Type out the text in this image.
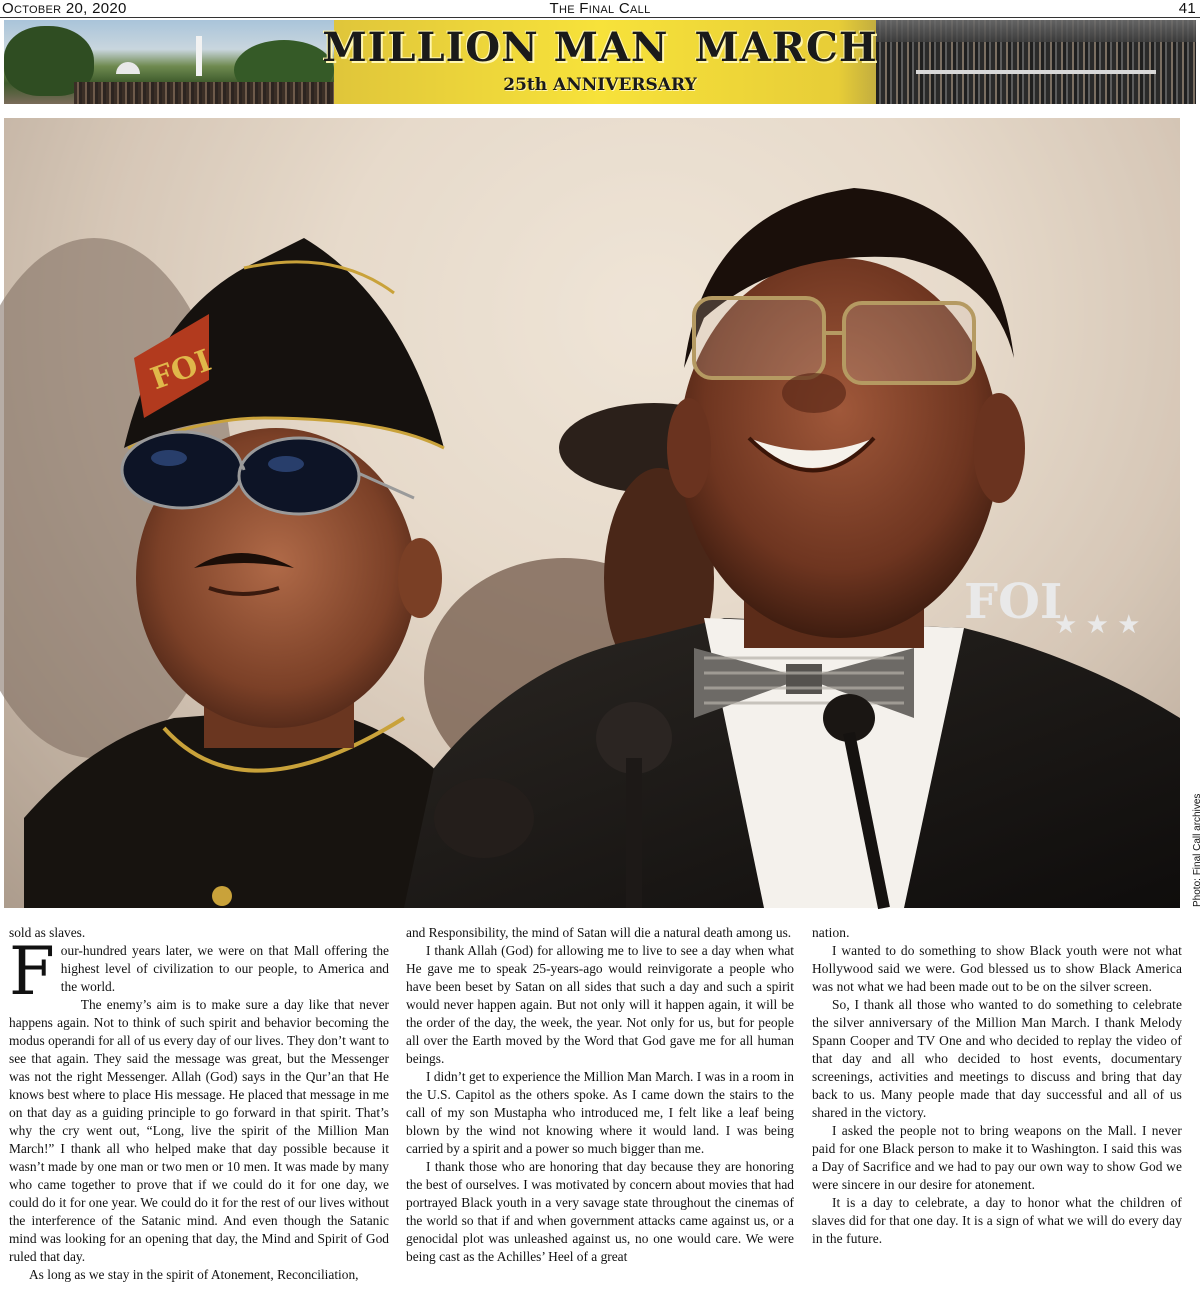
October 20, 2020	The Final Call	41
MILLION MAN MARCH
25th ANNIVERSARY
FOI
FOI
★ ★ ★
Photo: Final Call archives

sold as slaves.

Four-hundred years later, we were on that Mall offering the highest level of civilization to our people, to America and the world.

The enemy’s aim is to make sure a day like that never happens again. Not to think of such spirit and behavior becoming the modus operandi for all of us every day of our lives. They don’t want to see that again. They said the message was great, but the Messenger was not the right Messenger. Allah (God) says in the Qur’an that He knows best where to place His message. He placed that message in me on that day as a guiding principle to go forward in that spirit. That’s why the cry went out, “Long, live the spirit of the Million Man March!” I thank all who helped make that day possible because it wasn’t made by one man or two men or 10 men. It was made by many who came together to prove that if we could do it for one day, we could do it for one year. We could do it for the rest of our lives without the interference of the Satanic mind. And even though the Satanic mind was looking for an opening that day, the Mind and Spirit of God ruled that day.

As long as we stay in the spirit of Atonement, Reconciliation,

and Responsibility, the mind of Satan will die a natural death among us.

I thank Allah (God) for allowing me to live to see a day when what He gave me to speak 25-years-ago would reinvigorate a people who have been beset by Satan on all sides that such a day and such a spirit would never happen again. But not only will it happen again, it will be the order of the day, the week, the year. Not only for us, but for people all over the Earth moved by the Word that God gave me for all human beings.

I didn’t get to experience the Million Man March. I was in a room in the U.S. Capitol as the others spoke. As I came down the stairs to the call of my son Mustapha who introduced me, I felt like a leaf being blown by the wind not knowing where it would land. I was being carried by a spirit and a power so much bigger than me.

I thank those who are honoring that day because they are honoring the best of ourselves. I was motivated by concern about movies that had portrayed Black youth in a very savage state throughout the cinemas of the world so that if and when government attacks came against us, or a genocidal plot was unleashed against us, no one would care. We were being cast as the Achilles’ Heel of a great

nation.

I wanted to do something to show Black youth were not what Hollywood said we were. God blessed us to show Black America was not what we had been made out to be on the silver screen.

So, I thank all those who wanted to do something to celebrate the silver anniversary of the Million Man March. I thank Melody Spann Cooper and TV One and who decided to replay the video of that day and all who decided to host events, documentary screenings, activities and meetings to discuss and bring that day back to us. Many people made that day successful and all of us shared in the victory.

I asked the people not to bring weapons on the Mall. I never paid for one Black person to make it to Washington. I said this was a Day of Sacrifice and we had to pay our own way to show God we were sincere in our desire for atonement.

It is a day to celebrate, a day to honor what the children of slaves did for that one day. It is a sign of what we will do every day in the future.
